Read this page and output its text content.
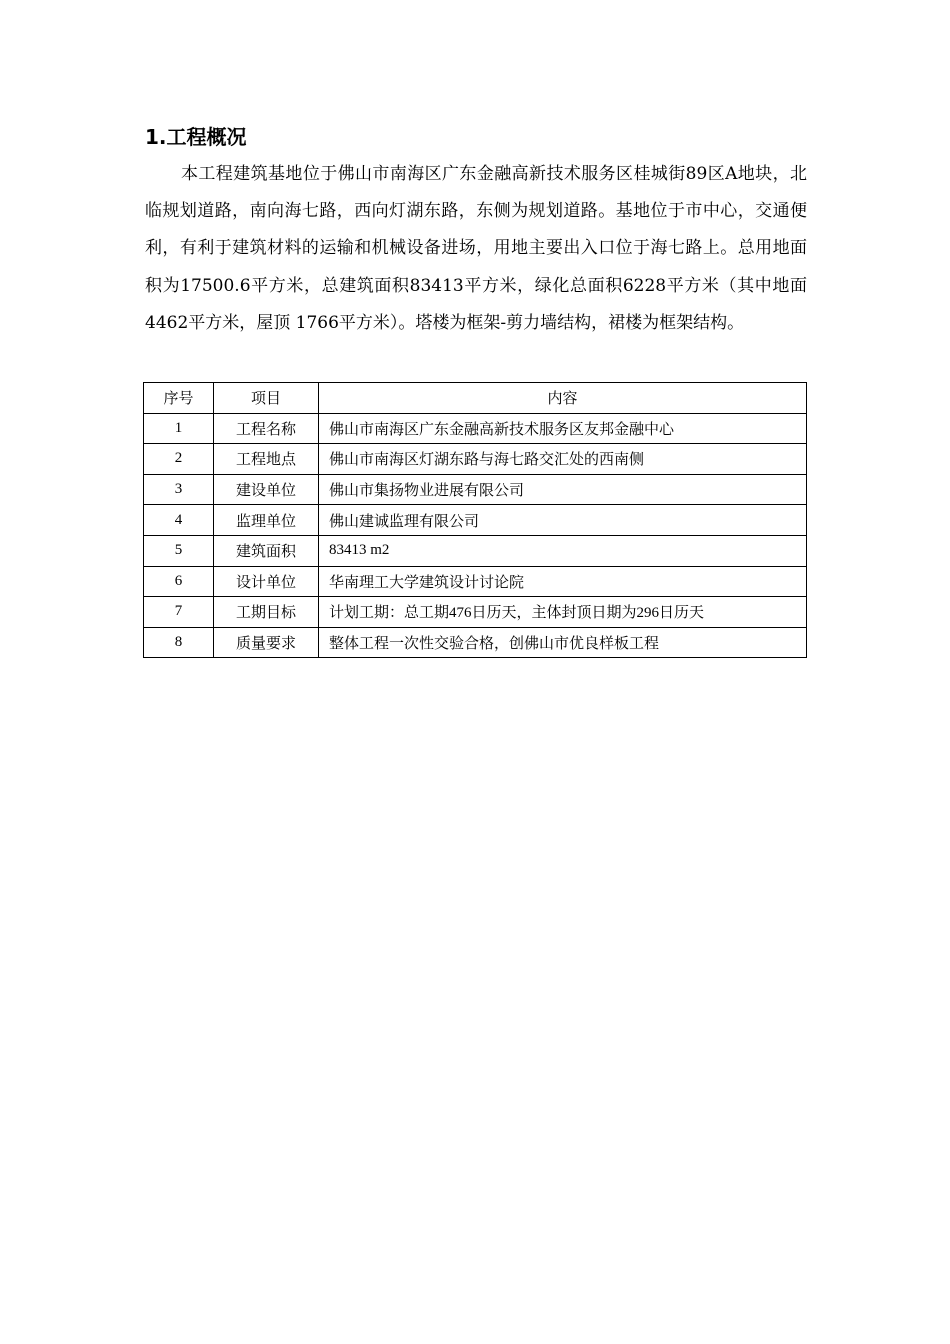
1.工程概况

本工程建筑基地位于佛山市南海区广东金融高新技术服务区桂城街89区A地块，北临规划道路，南向海七路，西向灯湖东路，东侧为规划道路。基地位于市中心，交通便利，有利于建筑材料的运输和机械设备进场，用地主要出入口位于海七路上。总用地面积为17500.6平方米，总建筑面积83413平方米，绿化总面积6228平方米（其中地面 4462平方米，屋顶 1766平方米）。塔楼为框架-剪力墙结构，裙楼为框架结构。

序号	项目	内容
1	工程名称	佛山市南海区广东金融高新技术服务区友邦金融中心
2	工程地点	佛山市南海区灯湖东路与海七路交汇处的西南侧
3	建设单位	佛山市集扬物业进展有限公司
4	监理单位	佛山建诚监理有限公司
5	建筑面积	83413 m2
6	设计单位	华南理工大学建筑设计讨论院
7	工期目标	计划工期：总工期476日历天，主体封顶日期为296日历天
8	质量要求	整体工程一次性交验合格，创佛山市优良样板工程
